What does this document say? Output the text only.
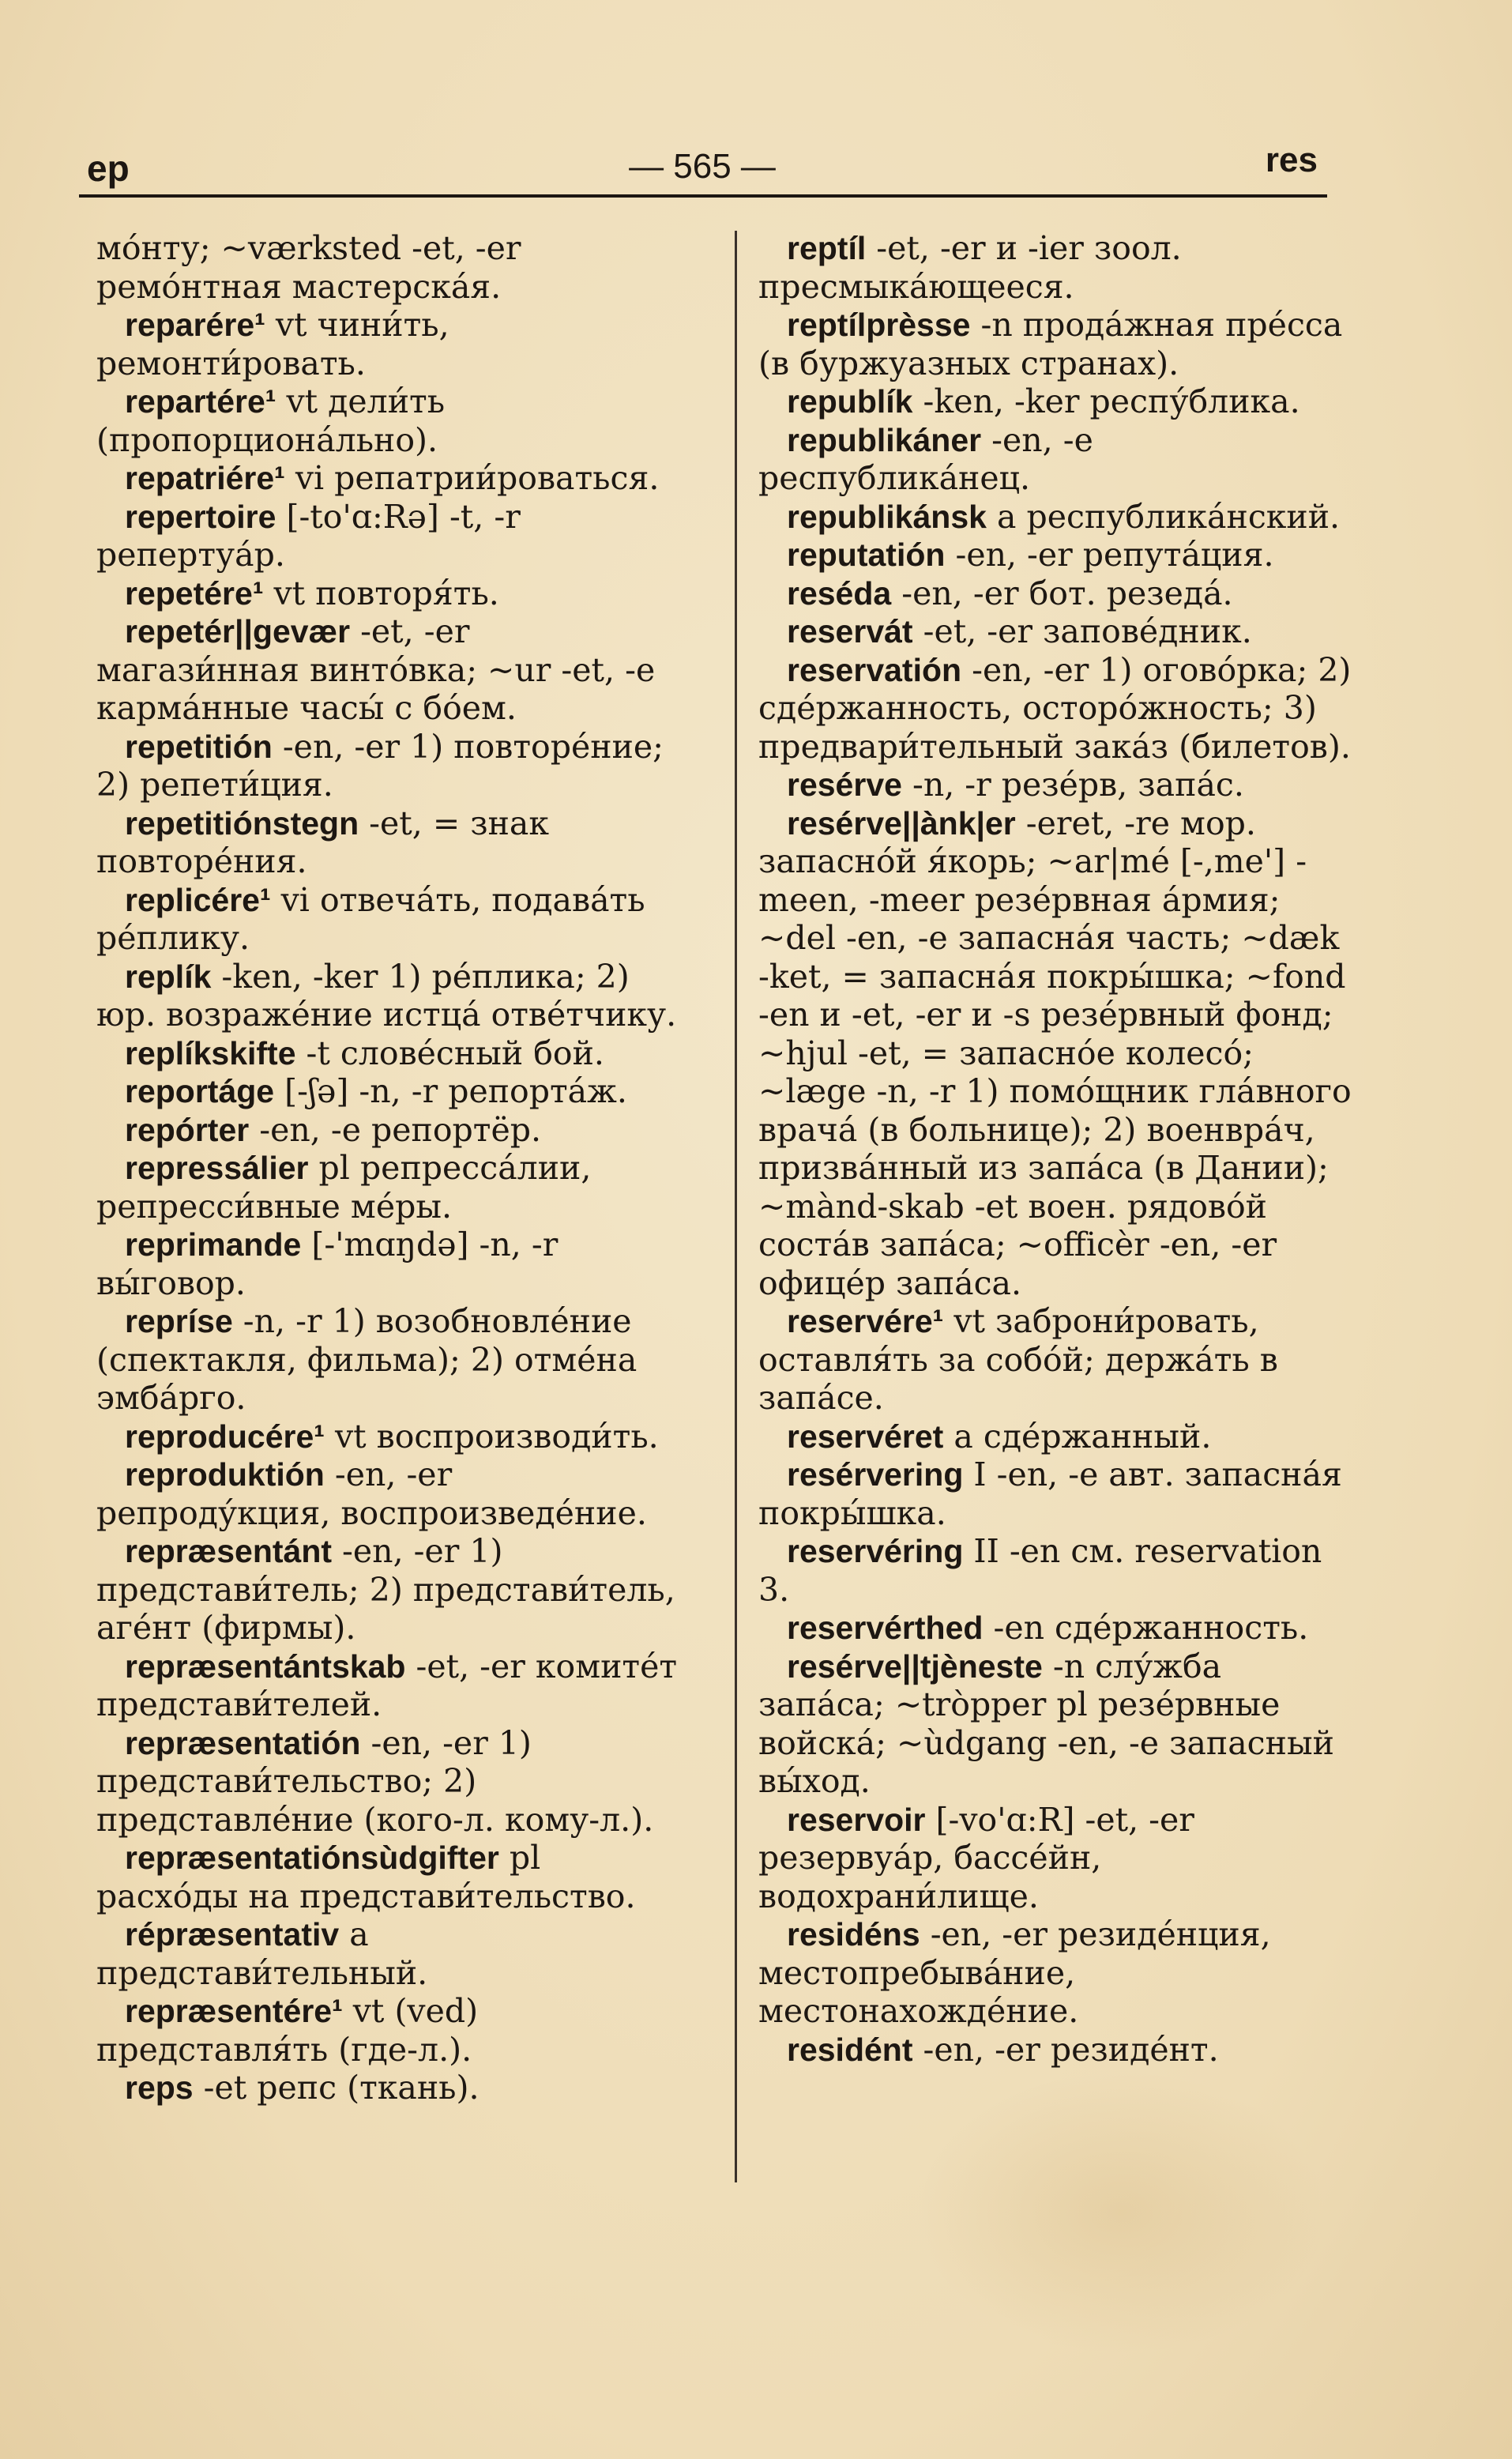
ep	— 565 —	res

мо́нту; ~værksted -et, -er ремо́нтная мастерска́я.

reparére¹ vt чини́ть, ремонти́ровать.

repartére¹ vt дели́ть (пропорциона́льно).

repatriére¹ vi репатрии́роваться.

repertoire [-to'ɑ:Rə] -t, -r репертуа́р.

repetére¹ vt повторя́ть.

repetér||gevær -et, -er магази́нная винто́вка; ~ur -et, -e карма́нные часы́ с бо́ем.

repetitión -en, -er 1) повторе́ние; 2) репети́ция.

repetitiónstegn -et, = знак повторе́ния.

replicére¹ vi отвеча́ть, подава́ть ре́плику.

replík -ken, -ker 1) ре́плика; 2) юр. возраже́ние истца́ отве́тчику.

replíkskifte -t слове́сный бой.

reportáge [-ʃə] -n, -r репорта́ж.

repórter -en, -e репортёр.

repressálier pl репресса́лии, репресси́вные ме́ры.

reprimande [-'mɑŋdə] -n, -r вы́говор.

repríse -n, -r 1) возобновле́ние (спектакля, фильма); 2) отме́на эмба́рго.

reproducére¹ vt воспроизводи́ть.

reproduktión -en, -er репроду́кция, воспроизведе́ние.

repræsentánt -en, -er 1) представи́тель; 2) представи́тель, аге́нт (фирмы).

repræsentántskab -et, -er комите́т представи́телей.

repræsentatión -en, -er 1) представи́тельство; 2) представле́ние (кого-л. кому-л.).

repræsentatiónsùdgifter pl расхо́ды на представи́тельство.

répræsentativ a представи́тельный.

repræsentére¹ vt (ved) представля́ть (где-л.).

reps -et репс (ткань).

reptíl -et, -er и -ier зоол. пресмыка́ющееся.

reptílprèsse -n прода́жная пре́сса (в буржуазных странах).

republík -ken, -ker респу́блика.

republikáner -en, -e республика́нец.

republikánsk a республика́нский.

reputatión -en, -er репута́ция.

reséda -en, -er бот. резеда́.

reservát -et, -er запове́дник.

reservatión -en, -er 1) огово́рка; 2) сде́ржанность, осторо́жность; 3) предвари́тельный зака́з (билетов).

resérve -n, -r резе́рв, запа́с.

resérve||ànk|er -eret, -re мор. запасно́й я́корь; ~ar|mé [-,me'] -meen, -meer резе́рвная а́рмия; ~del -en, -e запасна́я часть; ~dæk -ket, = запасна́я покры́шка; ~fond -en и -et, -er и -s резе́рвный фонд; ~hjul -et, = запасно́е колесо́; ~læge -n, -r 1) помо́щник гла́вного врача́ (в больнице); 2) военвра́ч, призва́нный из запа́са (в Дании); ~mànd-skab -et воен. рядово́й соста́в запа́са; ~officèr -en, -er офице́р запа́са.

reservére¹ vt заброни́ровать, оставля́ть за собо́й; держа́ть в запа́се.

reservéret a сде́ржанный.

resérvering I -en, -e авт. запасна́я покры́шка.

reservéring II -en см. reservation 3.

reservérthed -en сде́ржанность.

resérve||tjèneste -n слу́жба запа́са; ~tròpper pl резе́рвные войска́; ~ùdgang -en, -e запасный вы́ход.

reservoir [-vo'ɑ:R] -et, -er резервуа́р, бассе́йн, водохрани́лище.

residéns -en, -er резиде́нция, местопребыва́ние, местонахожде́ние.

residént -en, -er резиде́нт.
